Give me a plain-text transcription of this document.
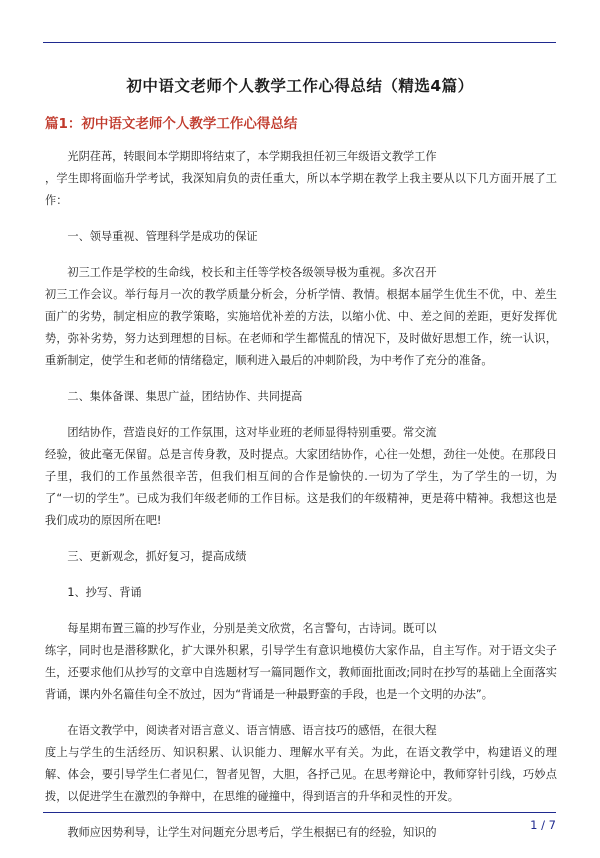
初中语文老师个人教学工作心得总结（精选4篇）
篇1：初中语文老师个人教学工作心得总结

　　光阴荏苒，转眼间本学期即将结束了，本学期我担任初三年级语文教学工作
，学生即将面临升学考试，我深知肩负的责任重大，所以本学期在教学上我主要从以下几方面开展了工作：

　　一、领导重视、管理科学是成功的保证

　　初三工作是学校的生命线，校长和主任等学校各级领导极为重视。多次召开
初三工作会议。举行每月一次的教学质量分析会，分析学情、教情。根据本届学生优生不优，中、差生面广的劣势，制定相应的教学策略，实施培优补差的方法，以缩小优、中、差之间的差距，更好发挥优势，弥补劣势，努力达到理想的目标。在老师和学生都慌乱的情况下，及时做好思想工作，统一认识，重新制定，使学生和老师的情绪稳定，顺利进入最后的冲刺阶段，为中考作了充分的准备。

　　二、集体备课、集思广益，团结协作、共同提高

　　团结协作，营造良好的工作氛围，这对毕业班的老师显得特别重要。常交流
经验，彼此毫无保留。总是言传身教，及时提点。大家团结协作，心往一处想，劲往一处使。在那段日子里，我们的工作虽然很辛苦，但我们相互间的合作是愉快的.一切为了学生，为了学生的一切，为了“一切的学生”。已成为我们年级老师的工作目标。这是我们的年级精神，更是蒋中精神。我想这也是我们成功的原因所在吧!

　　三、更新观念，抓好复习，提高成绩

　　1、抄写、背诵

　　每星期布置三篇的抄写作业，分别是美文欣赏，名言警句，古诗词。既可以
练字，同时也是潜移默化，扩大课外积累，引导学生有意识地模仿大家作品，自主写作。对于语文尖子生，还要求他们从抄写的文章中自选题材写一篇同题作文，教师面批面改;同时在抄写的基础上全面落实背诵，课内外名篇佳句全不放过，因为“背诵是一种最野蛮的手段，也是一个文明的办法”。

　　在语文教学中，阅读者对语言意义、语言情感、语言技巧的感悟，在很大程
度上与学生的生活经历、知识积累、认识能力、理解水平有关。为此，在语文教学中，构建语义的理解、体会，要引导学生仁者见仁，智者见智，大胆，各抒己见。在思考辩论中，教师穿针引线，巧妙点拨，以促进学生在激烈的争辩中，在思维的碰撞中，得到语言的升华和灵性的开发。

　　教师应因势利导，让学生对问题充分思考后，学生根据已有的经验，知识的

1 / 7
